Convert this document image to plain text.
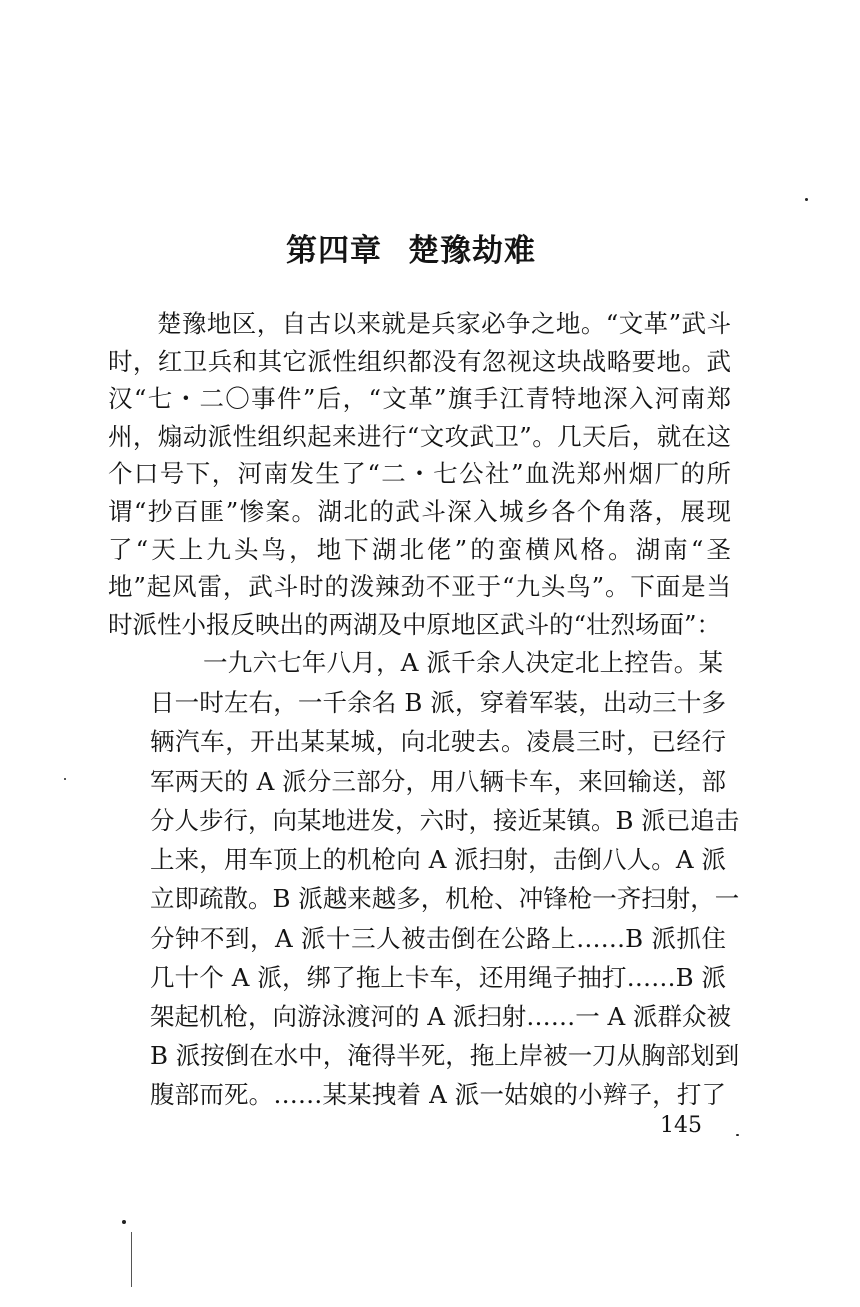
第四章 楚豫劫难
楚豫地区，自古以来就是兵家必争之地。“文革”武斗
时，红卫兵和其它派性组织都没有忽视这块战略要地。武
汉“七・二〇事件”后，“文革”旗手江青特地深入河南郑
州，煽动派性组织起来进行“文攻武卫”。几天后，就在这
个口号下，河南发生了“二・七公社”血洗郑州烟厂的所
谓“抄百匪”惨案。湖北的武斗深入城乡各个角落，展现
了“天上九头鸟，地下湖北佬”的蛮横风格。湖南“圣
地”起风雷，武斗时的泼辣劲不亚于“九头鸟”。下面是当
时派性小报反映出的两湖及中原地区武斗的“壮烈场面”：
一九六七年八月，A 派千余人决定北上控告。某
日一时左右，一千余名 B 派，穿着军装，出动三十多
辆汽车，开出某某城，向北驶去。凌晨三时，已经行
军两天的 A 派分三部分，用八辆卡车，来回输送，部
分人步行，向某地进发，六时，接近某镇。B 派已追击
上来，用车顶上的机枪向 A 派扫射，击倒八人。A 派
立即疏散。B 派越来越多，机枪、冲锋枪一齐扫射，一
分钟不到，A 派十三人被击倒在公路上……B 派抓住
几十个 A 派，绑了拖上卡车，还用绳子抽打……B 派
架起机枪，向游泳渡河的 A 派扫射……一 A 派群众被
B 派按倒在水中，淹得半死，拖上岸被一刀从胸部划到
腹部而死。……某某拽着 A 派一姑娘的小辫子，打了
145
